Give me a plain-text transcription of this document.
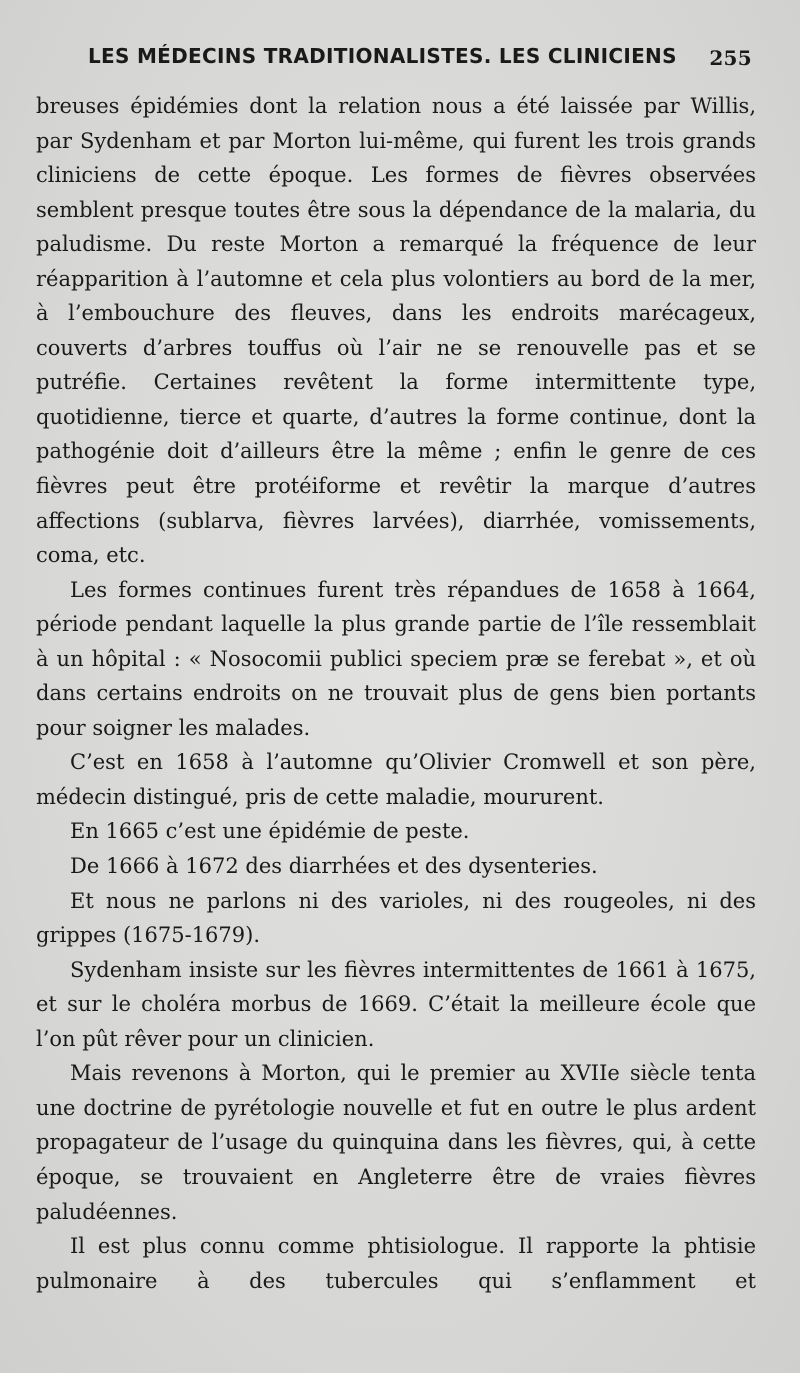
LES MÉDECINS TRADITIONALISTES. LES CLINICIENS 255

breuses épidémies dont la relation nous a été laissée par Willis, par Sydenham et par Morton lui-même, qui furent les trois grands cliniciens de cette époque. Les formes de fièvres observées semblent presque toutes être sous la dépendance de la malaria, du paludisme. Du reste Morton a remarqué la fréquence de leur réapparition à l’automne et cela plus volontiers au bord de la mer, à l’embouchure des fleuves, dans les endroits marécageux, couverts d’arbres touffus où l’air ne se renouvelle pas et se putréfie. Certaines revêtent la forme intermittente type, quotidienne, tierce et quarte, d’autres la forme continue, dont la pathogénie doit d’ailleurs être la même ; enfin le genre de ces fièvres peut être protéiforme et revêtir la marque d’autres affections (sublarva, fièvres larvées), diarrhée, vomissements, coma, etc.

Les formes continues furent très répandues de 1658 à 1664, période pendant laquelle la plus grande partie de l’île ressemblait à un hôpital : « Nosocomii publici speciem præ se ferebat », et où dans certains endroits on ne trouvait plus de gens bien portants pour soigner les malades.

C’est en 1658 à l’automne qu’Olivier Cromwell et son père, médecin distingué, pris de cette maladie, moururent.

En 1665 c’est une épidémie de peste.

De 1666 à 1672 des diarrhées et des dysenteries.

Et nous ne parlons ni des varioles, ni des rougeoles, ni des grippes (1675-1679).

Sydenham insiste sur les fièvres intermittentes de 1661 à 1675, et sur le choléra morbus de 1669. C’était la meilleure école que l’on pût rêver pour un clinicien.

Mais revenons à Morton, qui le premier au XVIIe siècle tenta une doctrine de pyrétologie nouvelle et fut en outre le plus ardent propagateur de l’usage du quinquina dans les fièvres, qui, à cette époque, se trouvaient en Angleterre être de vraies fièvres paludéennes.

Il est plus connu comme phtisiologue. Il rapporte la phtisie pulmonaire à des tubercules qui s’enflamment et
